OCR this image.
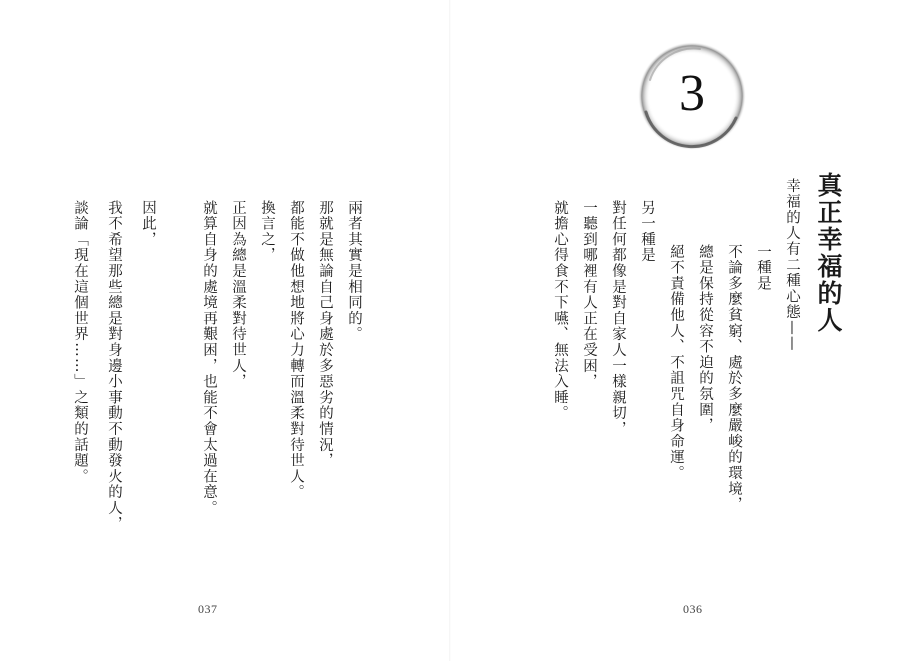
3
真正幸福的人
幸福的人有二種心態——
一種是
不論多麼貧窮、處於多麼嚴峻的環境，
總是保持從容不迫的氛圍，
絕不責備他人、不詛咒自身命運。
另一種是
對任何都像是對自家人一樣親切，
一聽到哪裡有人正在受困，
就擔心得食不下嚥、無法入睡。
兩者其實是相同的。
那就是無論自己身處於多惡劣的情況，
都能不做他想地將心力轉而溫柔對待世人。
換言之，
正因為總是溫柔對待世人，
就算自身的處境再艱困，也能不會太過在意。
因此，
我不希望那些總是對身邊小事動不動發火的人，
談論「現在這個世界……」之類的話題。
037	036
